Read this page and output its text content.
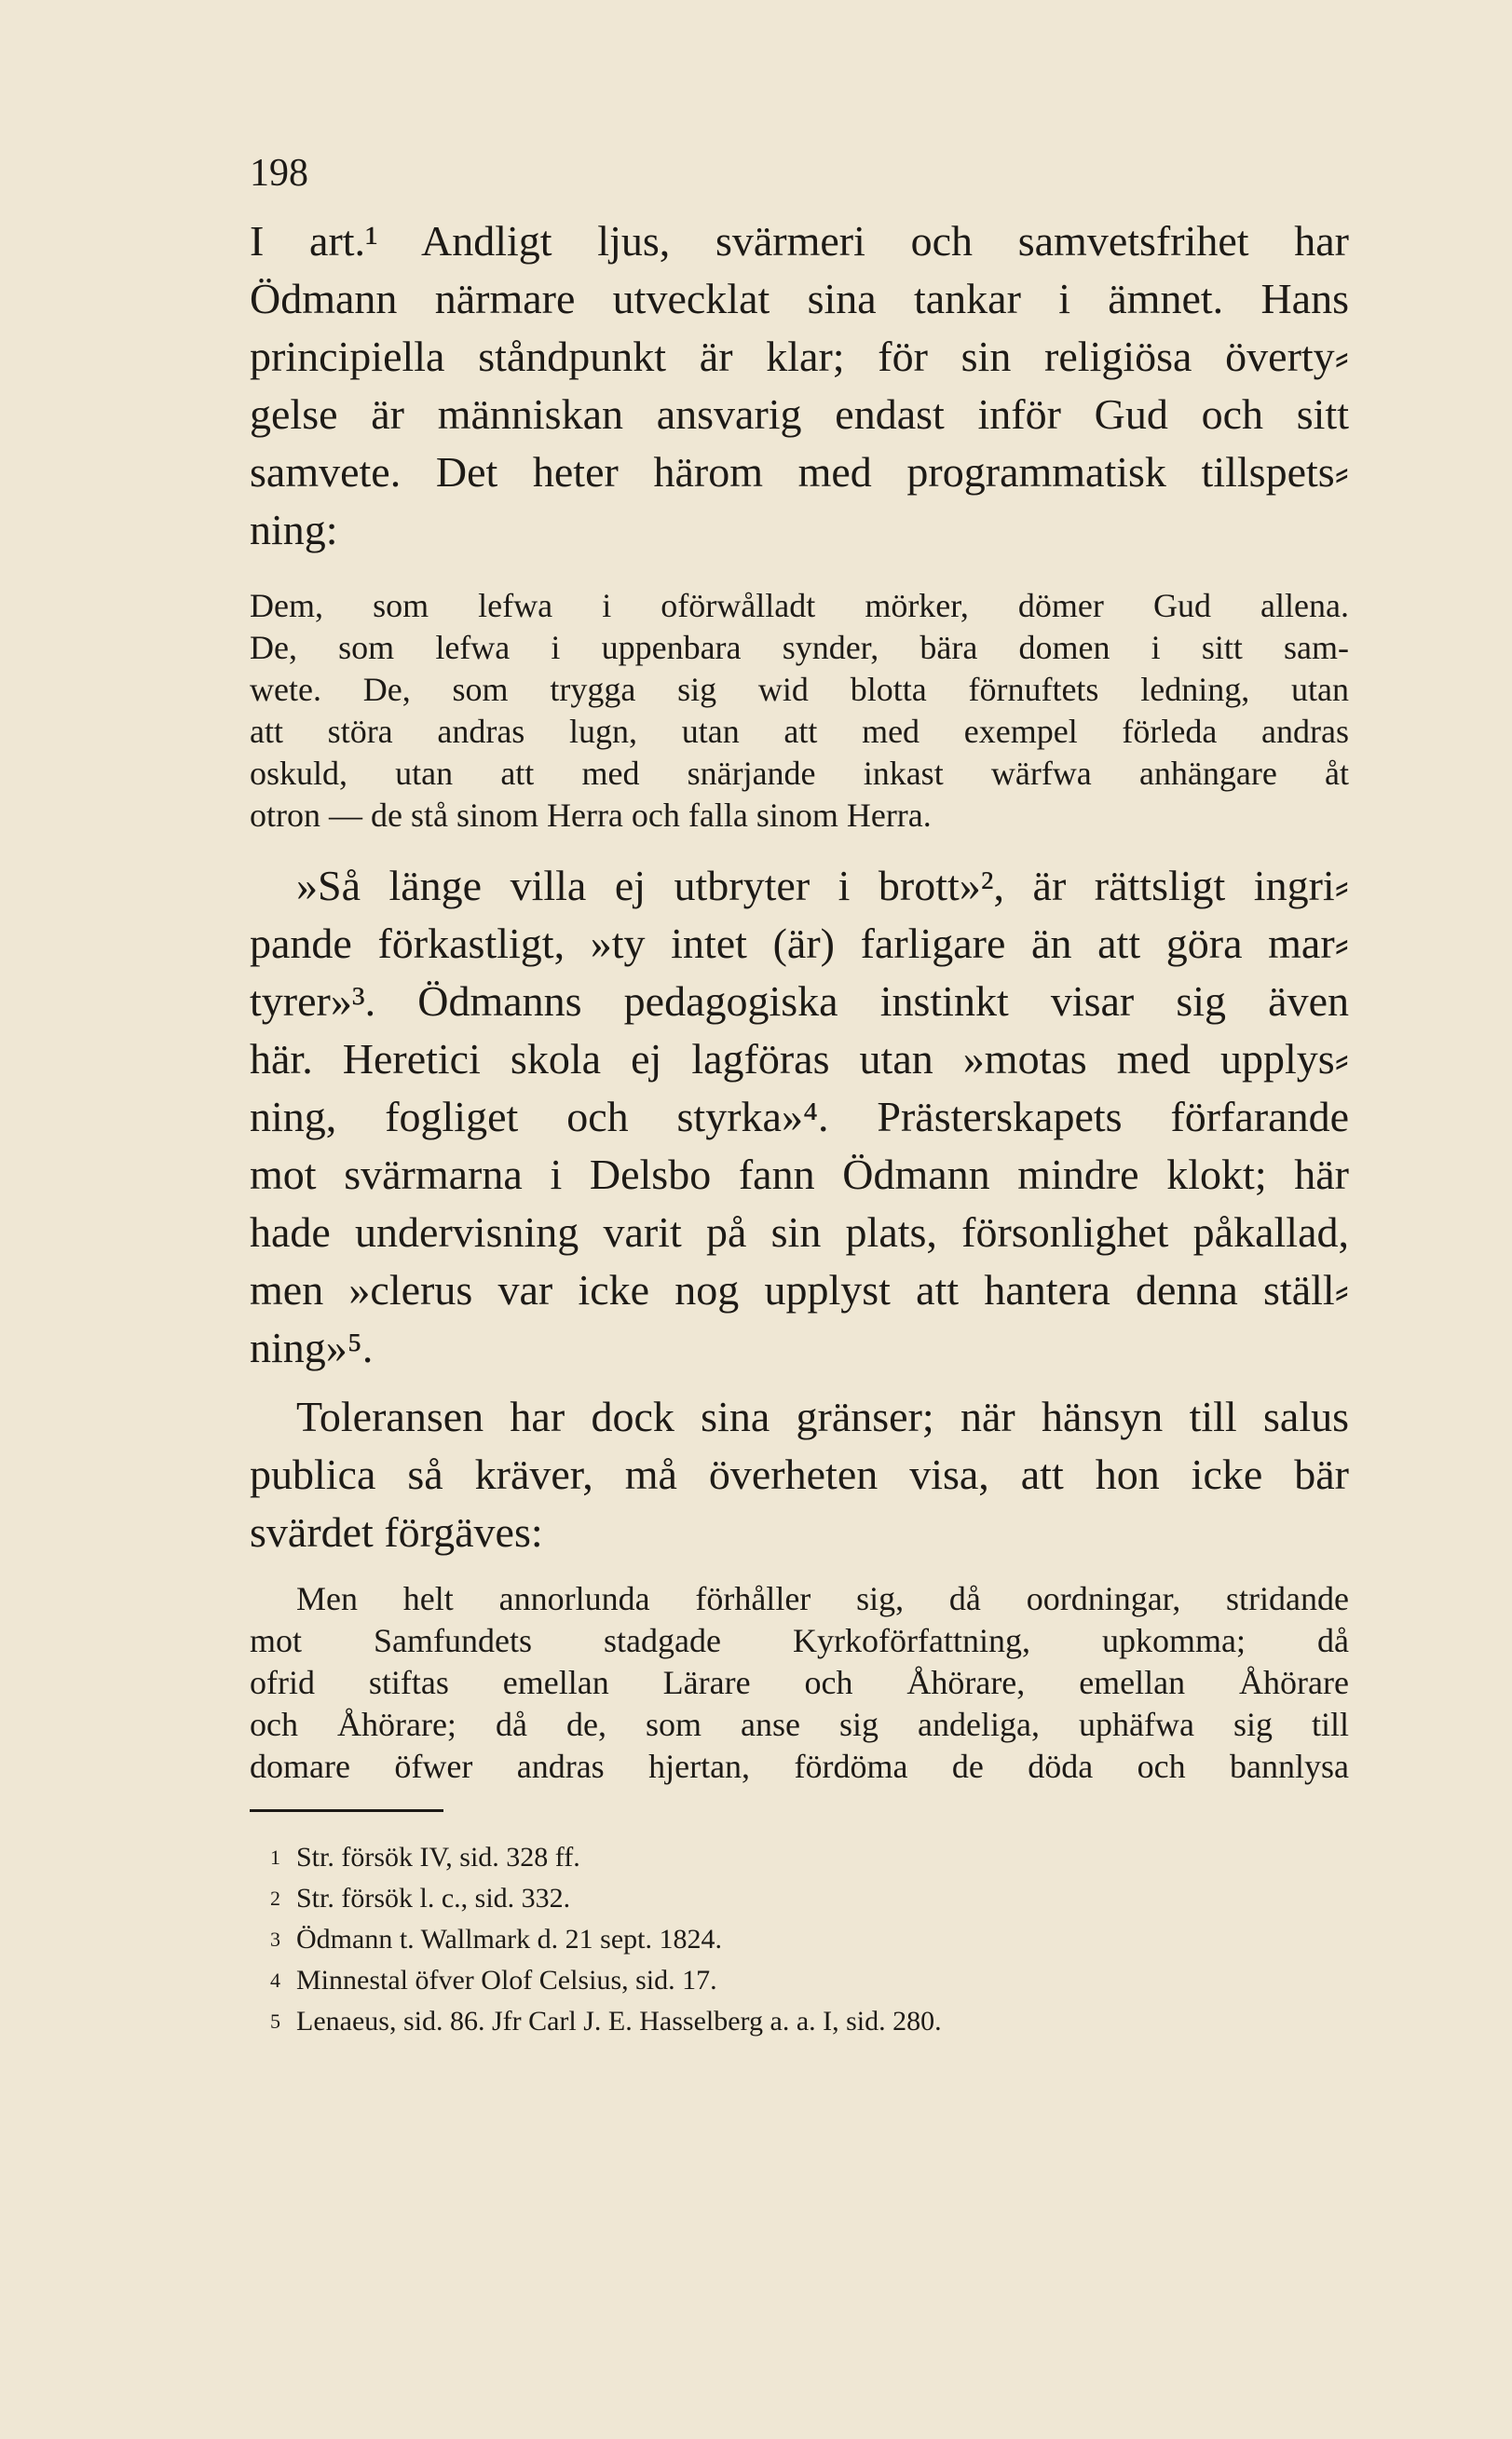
198
I art.¹ Andligt ljus, svärmeri och samvetsfrihet har
Ödmann närmare utvecklat sina tankar i ämnet. Hans
principiella ståndpunkt är klar; för sin religiösa överty⸗
gelse är människan ansvarig endast inför Gud och sitt
samvete. Det heter härom med programmatisk tillspets⸗
ning:
Dem, som lefwa i oförwålladt mörker, dömer Gud allena.
De, som lefwa i uppenbara synder, bära domen i sitt sam-
wete. De, som trygga sig wid blotta förnuftets ledning, utan
att störa andras lugn, utan att med exempel förleda andras
oskuld, utan att med snärjande inkast wärfwa anhängare åt
otron — de stå sinom Herra och falla sinom Herra.
»Så länge villa ej utbryter i brott»², är rättsligt ingri⸗
pande förkastligt, »ty intet (är) farligare än att göra mar⸗
tyrer»³. Ödmanns pedagogiska instinkt visar sig även
här. Heretici skola ej lagföras utan »motas med upplys⸗
ning, fogliget och styrka»⁴. Prästerskapets förfarande
mot svärmarna i Delsbo fann Ödmann mindre klokt; här
hade undervisning varit på sin plats, försonlighet påkallad,
men »clerus var icke nog upplyst att hantera denna ställ⸗
ning»⁵.
Toleransen har dock sina gränser; när hänsyn till salus
publica så kräver, må överheten visa, att hon icke bär
svärdet förgäves:
Men helt annorlunda förhåller sig, då oordningar, stridande
mot Samfundets stadgade Kyrkoförfattning, upkomma; då
ofrid stiftas emellan Lärare och Åhörare, emellan Åhörare
och Åhörare; då de, som anse sig andeliga, uphäfwa sig till
domare öfwer andras hjertan, fördöma de döda och bannlysa
1 Str. försök IV, sid. 328 ff.
2 Str. försök l. c., sid. 332.
3 Ödmann t. Wallmark d. 21 sept. 1824.
4 Minnestal öfver Olof Celsius, sid. 17.
5 Lenaeus, sid. 86. Jfr Carl J. E. Hasselberg a. a. I, sid. 280.
